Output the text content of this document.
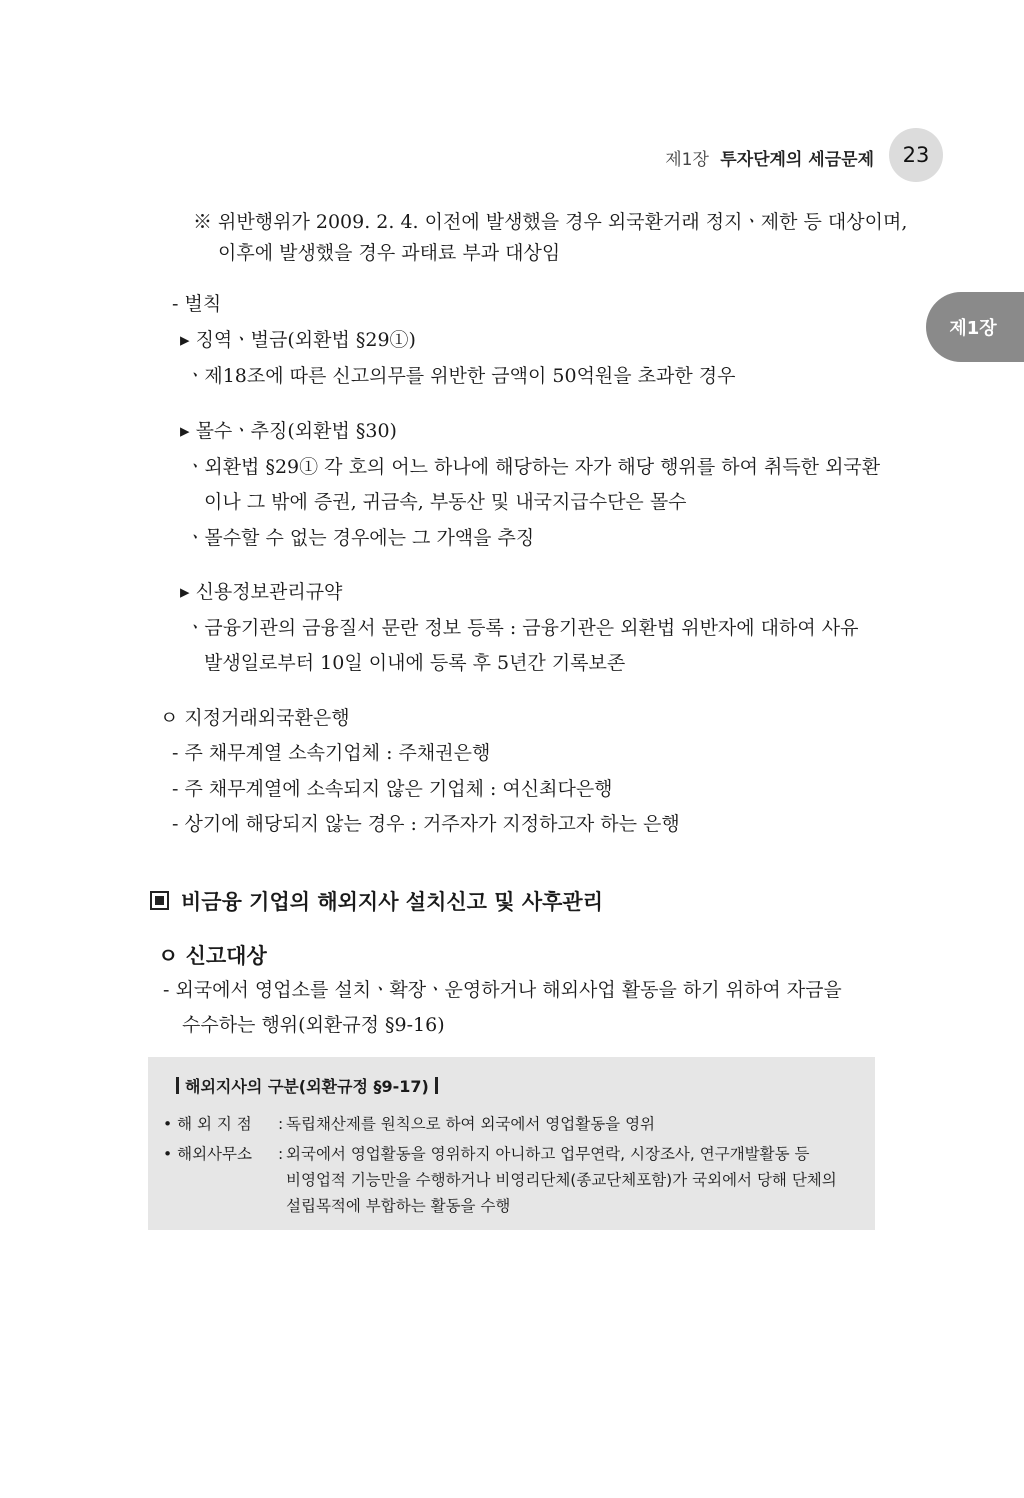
제1장 투자단계의 세금문제 23
제1장
※ 위반행위가 2009. 2. 4. 이전에 발생했을 경우 외국환거래 정지ㆍ제한 등 대상이며,
이후에 발생했을 경우 과태료 부과 대상임
- 벌칙
▸ 징역ㆍ벌금(외환법 §29①)
ㆍ제18조에 따른 신고의무를 위반한 금액이 50억원을 초과한 경우
▸ 몰수ㆍ추징(외환법 §30)
ㆍ외환법 §29① 각 호의 어느 하나에 해당하는 자가 해당 행위를 하여 취득한 외국환
이나 그 밖에 증권, 귀금속, 부동산 및 내국지급수단은 몰수
ㆍ몰수할 수 없는 경우에는 그 가액을 추징
▸ 신용정보관리규약
ㆍ금융기관의 금융질서 문란 정보 등록 : 금융기관은 외환법 위반자에 대하여 사유
발생일로부터 10일 이내에 등록 후 5년간 기록보존
ㅇ 지정거래외국환은행
- 주 채무계열 소속기업체 : 주채권은행
- 주 채무계열에 소속되지 않은 기업체 : 여신최다은행
- 상기에 해당되지 않는 경우 : 거주자가 지정하고자 하는 은행
비금융 기업의 해외지사 설치신고 및 사후관리
ㅇ 신고대상
- 외국에서 영업소를 설치ㆍ확장ㆍ운영하거나 해외사업 활동을 하기 위하여 자금을
수수하는 행위(외환규정 §9-16)
해외지사의 구분(외환규정 §9-17)
• 해 외 지 점 : 독립채산제를 원칙으로 하여 외국에서 영업활동을 영위
• 해외사무소 : 외국에서 영업활동을 영위하지 아니하고 업무연락, 시장조사, 연구개발활동 등
비영업적 기능만을 수행하거나 비영리단체(종교단체포함)가 국외에서 당해 단체의
설립목적에 부합하는 활동을 수행
